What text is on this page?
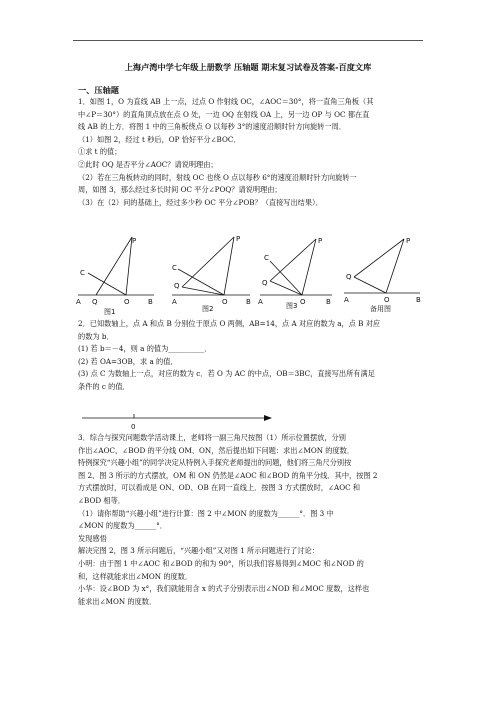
上海卢湾中学七年级上册数学 压轴题 期末复习试卷及答案-百度文库
一、压轴题

1．如图 1，O 为直线 AB 上一点，过点 O 作射线 OC，∠AOC＝30°，将一直角三角板（其

中∠P＝30°）的直角顶点放在点 O 处，一边 OQ 在射线 OA 上，另一边 OP 与 OC 都在直

线 AB 的上方．将图 1 中的三角板绕点 O 以每秒 3°的速度沿顺时针方向旋转一周．

（1）如图 2，经过 t 秒后，OP 恰好平分∠BOC．

①求 t 的值；

②此时 OQ 是否平分∠AOC？请说明理由；

（2）若在三角板转动的同时，射线 OC 也绕 O 点以每秒 6°的速度沿顺时针方向旋转一

周，如图 3，那么经过多长时间 OC 平分∠POQ？请说明理由；

（3）在（2）问的基础上，经过多少秒 OC 平分∠POB？（直接写出结果）．

P
C
A Q	O	B
图1
P
C
Q
A	O	B
图2
P
C
Q
A	O	B
图3
P
Q
A	O	B
备用图

2．已知数轴上，点 A 和点 B 分别位于原点 O 两侧，AB=14，点 A 对应的数为 a，点 B 对应

的数为 b．

(1) 若 b＝－4，则 a 的值为__________．

(2) 若 OA=3OB，求 a 的值．

(3) 点 C 为数轴上一点，对应的数为 c．若 O 为 AC 的中点，OB＝3BC，直接写出所有满足

条件的 c 的值．

0

3．综合与探究问题数学活动课上，老师将一副三角尺按图（1）所示位置摆放，分别

作出∠AOC，∠BOD 的平分线 OM、ON，然后提出如下问题：求出∠MON 的度数．

特例探究“兴趣小组”的同学决定从特例入手探究老师提出的问题，他们将三角尺分别按

图 2、图 3 所示的方式摆放，OM 和 ON 仍然是∠AOC 和∠BOD 的角平分线．其中，按图 2

方式摆放时，可以看成是 ON、OD、OB 在同一直线上．按图 3 方式摆放时，∠AOC 和

∠BOD 相等．

（1）请你帮助“兴趣小组”进行计算：图 2 中∠MON 的度数为______°．图 3 中

∠MON 的度数为______°．

发现感悟

解决完图 2，图 3 所示问题后，“兴趣小组”又对图 1 所示问题进行了讨论：

小明：由于图 1 中∠AOC 和∠BOD 的和为 90°，所以我们容易得到∠MOC 和∠NOD 的

和，这样就能求出∠MON 的度数．

小华：设∠BOD 为 x°，我们就能用含 x 的式子分别表示出∠NOD 和∠MOC 度数，这样也

能求出∠MON 的度数．
